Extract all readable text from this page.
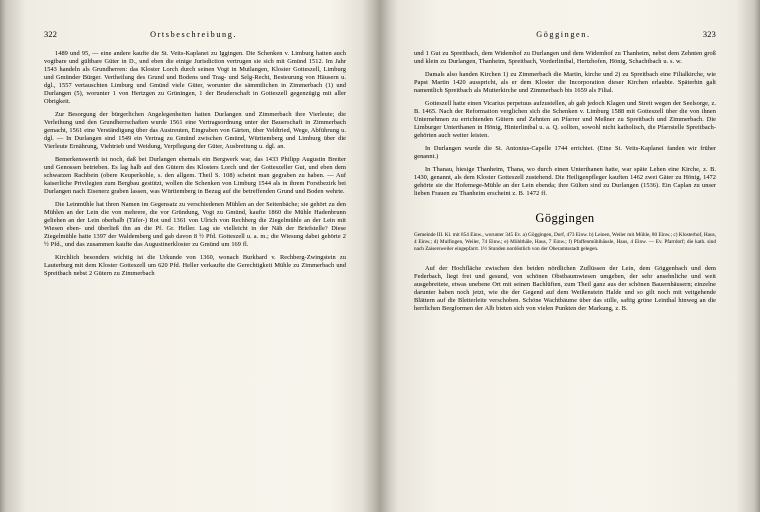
322	Ortsbeschreibung.

1489 und 95, — eine andere kaufte die St. Veits-Kaplanei zu Iggingen. Die Schenken v. Limburg hatten auch vogtbare und gültbare Güter in D., und eben die einige Jurisdiction vertrugen sie sich mit Gmünd 1512. Im Jahr 1543 handeln als Grundherren: das Kloster Lorch durch seinen Vogt in Mutlangen, Kloster Gotteszell, Limburg und Gmünder Bürger. Vertheilung des Grund und Bodens und Trag- und Selg-Recht, Besteurung von Häusern u. dgl., 1557 vertauschten Limburg und Gmünd viele Güter, worunter die sämmtlichen in Zimmerbach (1) und Durlangen (5), worunter 1 von Hertzgen zu Grüningen, 1 der Bruderschaft in Gotteszell gegenzügig mit aller Obrigkeit.

Zur Besorgung der bürgerlichen Angelegenheiten hatten Durlangen und Zimmerbach ihre Vierleute; die Verleihung und den Grundherrschaften wurde 1561 eine Vertragsordnung unter der Bauerschaft in Zimmerbach gemacht, 1561 eine Verständigung über das Austreuten, Eingraben von Gärten, über Veldtried, Wege, Abführung u. dgl. — In Durlangen sind 1549 ein Vertrag zu Gmünd zwischen Gmünd, Württemberg und Limburg über die Vierleute Ernährung, Viehtrieb und Weidung, Verpflegung der Güter, Ausbreitung u. dgl. an.

Bemerkenswerth ist noch, daß bei Durlangen ehemals ein Bergwerk war, das 1433 Philipp Augustin Breiter und Genossen betrieben. Es lag halb auf den Gütern des Klosters Lorch und der Gotteszeller Gut, und eben dem schwarzen Rachbein (obere Keuperkohle, s. den allgem. Theil S. 108) scheint man gegraben zu haben. — Auf kaiserliche Privilegien zum Bergbau gestützt, wollen die Schenken von Limburg 1544 als in ihrem Forstbezirk bei Durlangen nach Eisenerz graben lassen, was Württemberg in Bezug auf die betreffenden Grund und Boden wehrte.

Die Leinmühle hat ihren Namen im Gegensatz zu verschiedenen Mühlen an der Seitenbäche; sie gehört zu den Mühlen an der Lein die von mehrere, die vor Gründung, Vogt zu Gmünd, kaufte 1860 die Mühle Hadenbrunn geliehen an der Lein oberhalb (Täfer-) Rot und 1361 von Ulrich von Rechberg die Ziegelmühle an der Lein mit Wiesen eben- und überließ ihn an die Pf. Gr. Heller. Lag sie vielleicht in der Näh der Briefstelle? Diese Ziegelmühle hatte 1397 der Waldemberg und gab davon 8 ½ Pfd. Gotteszell u. a. m.; die Wiesung dabei gehörte 2 ½ Pfd., und das zusammen kaufte das Augustinerkloster zu Gmünd um 169 fl.

Kirchlich besonders wichtig ist die Urkunde von 1360, wonach Burkhard v. Rechberg-Zwingstein zu Lauterburg mit dem Kloster Gotteszell um 620 Pfd. Heller verkaufte die Gerechtigkeit Mühle zu Zimmerbach und Spreitbach nebst 2 Gütern zu Zimmerbach

Göggingen.	323

und 1 Gut zu Spreitbach, dem Widemhof zu Durlangen und dem Widemhof zu Thanheim, nebst dem Zehnten groß und klein zu Durlangen, Thanheim, Spreitbach, Vorderlintbal, Hertzhofen, Hönig, Schachtbach u. s. w.

Damals also handen Kirchen 1) zu Zimmerbach die Martin, kirche und 2) zu Spreitbach eine Filialkirche, wie Papst Martin 1420 ausspricht, als er dem Kloster die Incorporation dieser Kirchen erlaubte. Späterhin galt namentlich Spreitbach als Mutterkirche und Zimmerbach bis 1659 als Filial.

Gotteszell hatte einen Vicarius perpetuus aufzustellen, ab gab jedoch Klagen und Streit wegen der Seelsorge, z. B. 1465. Nach der Reformation verglichen sich die Schenken v. Limburg 1588 mit Gotteszell über die von ihnen Unternehmen zu errichtenden Gütern und Zehnten an Pfarrer und Meßner zu Spreitbach und Zimmerbach. Die Limburger Unterthanen in Hönig, Hinterlintbal u. a. Q. sollten, sowohl nicht katholisch, die Pfarrstelle Spreitbach-gehörten auch weiter leisten.

In Durlangen wurde die St. Antonius-Capelle 1744 errichtet. (Eine St. Veits-Kaplanei fanden wir früher genannt.)

In Thanau, hiesige Thanheim, Thana, wo durch einen Unterthanen hatte, war späte Lehen eine Kirche, z. B. 1430, genannt, als dem Kloster Gotteszell zustehend. Die Heiligenpfleger kauften 1462 zwei Gäter zu Hönig, 1472 gehörte sie die Hofemege-Mühle an der Lein ebenda; ihre Gülten sind zu Durlangen (1536). Ein Caplan zu unser lieben Frauen zu Thanheim erscheint z. B. 1472 ff.

Göggingen

Gemeinde III. Kl. mit 854 Einw., worunter 345 Ev. a) Göggingen, Dorf, 473 Einw. b) Leinen, Weiler mit Mühle, 80 Einw.; c) Klosterhof, Haus, 4 Einw.; d) Mulfingen, Weiler, 74 Einw.; e) Mühlthäle, Haus, 7 Einw.; f) Pfaffenmühlhäusle, Haus, 4 Einw. — Ev. Pfarrdorf; die kath. sind nach Zaisersweiler eingepfarrt. 1½ Stunden nordöstlich von der Oberamtsstadt gelegen.

Auf der Hochfläche zwischen den beiden nördlichen Zuflüssen der Lein, dem Göggenbach und dem Federbach, liegt frei und gesund, von schönen Obstbaumwiesen umgeben, der sehr ansehnliche und weit ausgebreitete, etwas unebene Ort mit seinen Bachlüften, zum Theil ganz aus der schönen Bauernhäusern; einzelne darunter haben noch jetzt, wie die der Gegend auf dem Weißenstein Halde und so gilt noch mit veitgehende Blättern auf die Bletterleite verschoben. Schöne Wachtbäume über das stille, saftig grüne Leinthal hinweg an die herrlichen Bergformen der Alb bieten sich von vielen Punkten der Markung, z. B.
